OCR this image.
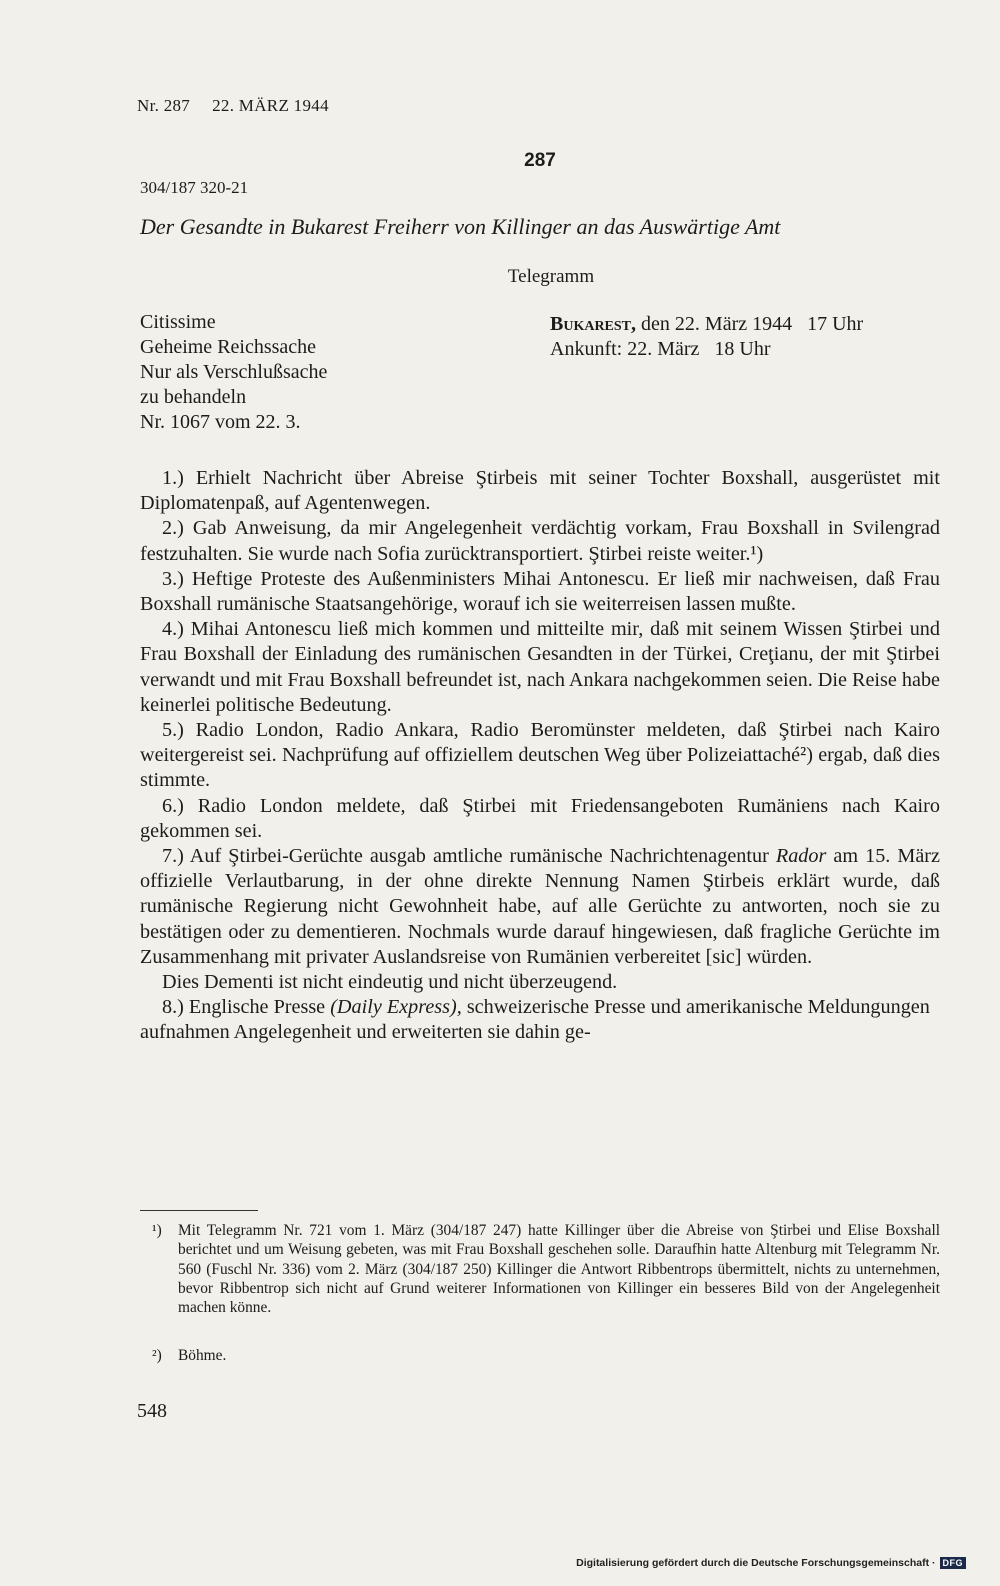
Nr. 287 22. MÄRZ 1944
287
304/187 320-21
Der Gesandte in Bukarest Freiherr von Killinger an das Auswärtige Amt
Telegramm
Citissime
Geheime Reichssache
Nur als Verschlußsache
zu behandeln
Nr. 1067 vom 22. 3.
Bukarest, den 22. März 1944   17 Uhr
Ankunft: 22. März   18 Uhr

1.) Erhielt Nachricht über Abreise Ştirbeis mit seiner Tochter Boxshall, ausgerüstet mit Diplomatenpaß, auf Agentenwegen.

2.) Gab Anweisung, da mir Angelegenheit verdächtig vorkam, Frau Boxshall in Svilengrad festzuhalten. Sie wurde nach Sofia zurücktransportiert. Ştirbei reiste weiter.¹)

3.) Heftige Proteste des Außenministers Mihai Antonescu. Er ließ mir nachweisen, daß Frau Boxshall rumänische Staatsangehörige, worauf ich sie weiterreisen lassen mußte.

4.) Mihai Antonescu ließ mich kommen und mitteilte mir, daß mit seinem Wissen Ştirbei und Frau Boxshall der Einladung des rumänischen Gesandten in der Türkei, Creţianu, der mit Ştirbei verwandt und mit Frau Boxshall befreundet ist, nach Ankara nachgekommen seien. Die Reise habe keinerlei politische Bedeutung.

5.) Radio London, Radio Ankara, Radio Beromünster meldeten, daß Ştirbei nach Kairo weitergereist sei. Nachprüfung auf offiziellem deutschen Weg über Polizeiattaché²) ergab, daß dies stimmte.

6.) Radio London meldete, daß Ştirbei mit Friedensangeboten Rumäniens nach Kairo gekommen sei.

7.) Auf Ştirbei-Gerüchte ausgab amtliche rumänische Nachrichtenagentur Rador am 15. März offizielle Verlautbarung, in der ohne direkte Nennung Namen Ştirbeis erklärt wurde, daß rumänische Regierung nicht Gewohnheit habe, auf alle Gerüchte zu antworten, noch sie zu bestätigen oder zu dementieren. Nochmals wurde darauf hingewiesen, daß fragliche Gerüchte im Zusammenhang mit privater Auslandsreise von Rumänien verbereitet [sic] würden.

Dies Dementi ist nicht eindeutig und nicht überzeugend.

8.) Englische Presse (Daily Express), schweizerische Presse und amerikanische Meldungungen aufnahmen Angelegenheit und erweiterten sie dahin ge-

¹) Mit Telegramm Nr. 721 vom 1. März (304/187 247) hatte Killinger über die Abreise von Ştirbei und Elise Boxshall berichtet und um Weisung gebeten, was mit Frau Boxshall geschehen solle. Daraufhin hatte Altenburg mit Telegramm Nr. 560 (Fuschl Nr. 336) vom 2. März (304/187 250) Killinger die Antwort Ribbentrops übermittelt, nichts zu unternehmen, bevor Ribbentrop sich nicht auf Grund weiterer Informationen von Killinger ein besseres Bild von der Angelegenheit machen könne.
²) Böhme.
548
Digitalisierung gefördert durch die Deutsche Forschungsgemeinschaft · DFG
